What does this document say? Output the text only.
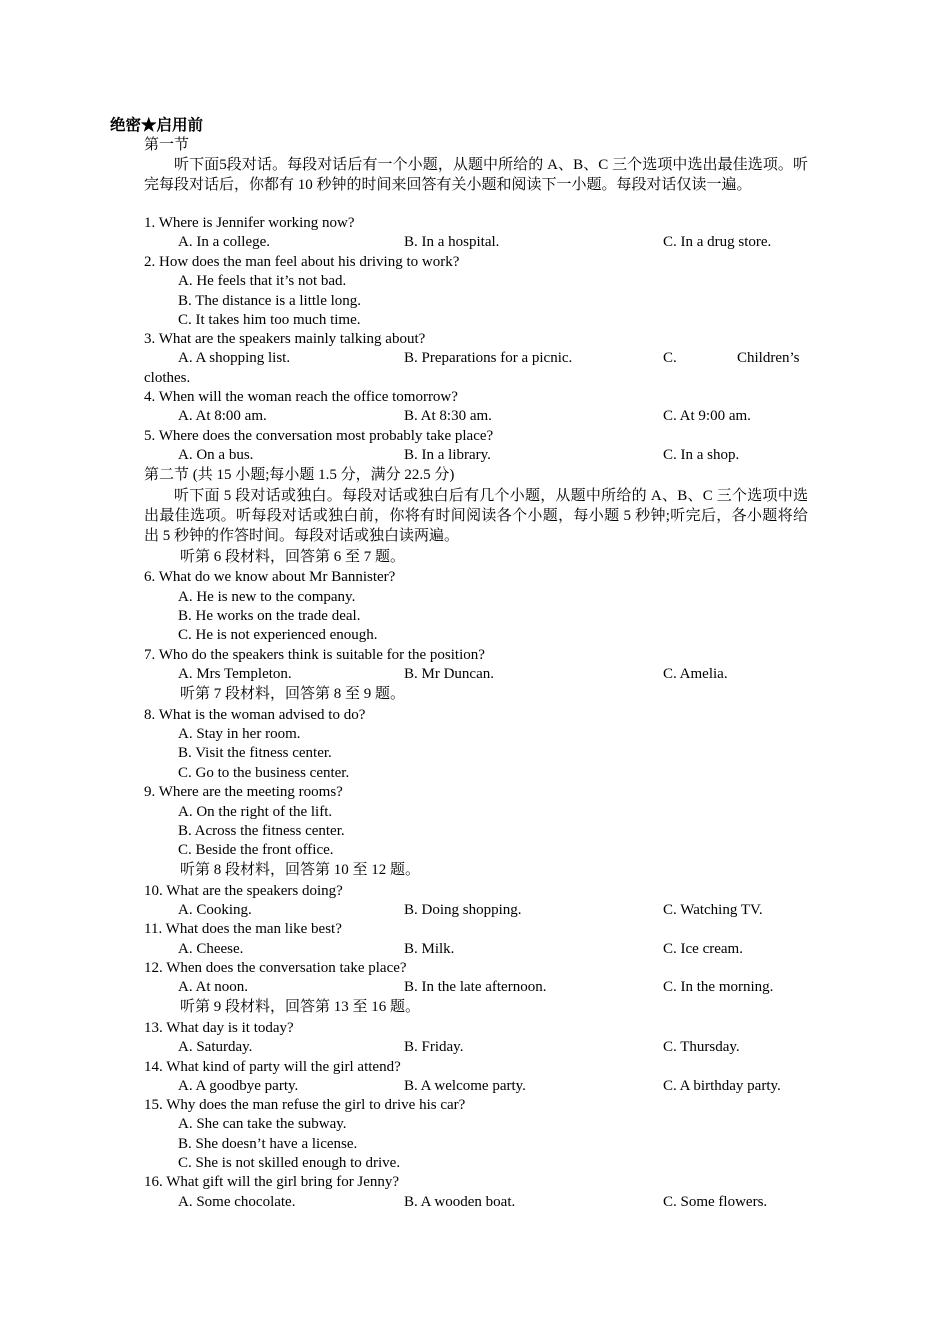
绝密★启用前
第一节
听下面5段对话。每段对话后有一个小题，从题中所给的 A、B、C 三个选项中选出最佳选项。听完每段对话后，你都有 10 秒钟的时间来回答有关小题和阅读下一小题。每段对话仅读一遍。
1. Where is Jennifer working now?
A. In a college.	B. In a hospital.	C. In a drug store.
2. How does the man feel about his driving to work?
A. He feels that it’s not bad.
B. The distance is a little long.
C. It takes him too much time.
3. What are the speakers mainly talking about?
A. A shopping list.	B. Preparations for a picnic.	C.	Children’s
clothes.
4. When will the woman reach the office tomorrow?
A. At 8:00 am.	B. At 8:30 am.	C. At 9:00 am.
5. Where does the conversation most probably take place?
A. On a bus.	B. In a library.	C. In a shop.
第二节 (共 15 小题;每小题 1.5 分，满分 22.5 分)
听下面 5 段对话或独白。每段对话或独白后有几个小题，从题中所给的 A、B、C 三个选项中选出最佳选项。听每段对话或独白前，你将有时间阅读各个小题，每小题 5 秒钟;听完后，各小题将给出 5 秒钟的作答时间。每段对话或独白读两遍。
听第 6 段材料，回答第 6 至 7 题。
6. What do we know about Mr Bannister?
A. He is new to the company.
B. He works on the trade deal.
C. He is not experienced enough.
7. Who do the speakers think is suitable for the position?
A. Mrs Templeton.	B. Mr Duncan.	C. Amelia.
听第 7 段材料，回答第 8 至 9 题。
8. What is the woman advised to do?
A. Stay in her room.
B. Visit the fitness center.
C. Go to the business center.
9. Where are the meeting rooms?
A. On the right of the lift.
B. Across the fitness center.
C. Beside the front office.
听第 8 段材料，回答第 10 至 12 题。
10. What are the speakers doing?
A. Cooking.	B. Doing shopping.	C. Watching TV.
11. What does the man like best?
A. Cheese.	B. Milk.	C. Ice cream.
12. When does the conversation take place?
A. At noon.	B. In the late afternoon.	C. In the morning.
听第 9 段材料，回答第 13 至 16 题。
13. What day is it today?
A. Saturday.	B. Friday.	C. Thursday.
14. What kind of party will the girl attend?
A. A goodbye party.	B. A welcome party.	C. A birthday party.
15. Why does the man refuse the girl to drive his car?
A. She can take the subway.
B. She doesn’t have a license.
C. She is not skilled enough to drive.
16. What gift will the girl bring for Jenny?
A. Some chocolate.	B. A wooden boat.	C. Some flowers.
